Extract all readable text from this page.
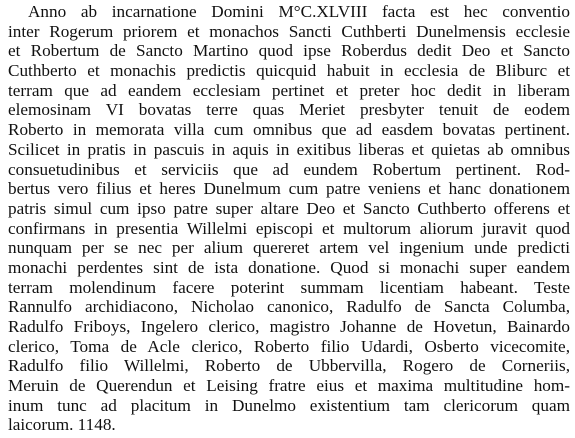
Anno ab incarnatione Domini M°C.XLVIII facta est hec conventio
inter Rogerum priorem et monachos Sancti Cuthberti Dunelmensis ecclesie
et Robertum de Sancto Martino quod ipse Roberdus dedit Deo et Sancto
Cuthberto et monachis predictis quicquid habuit in ecclesia de Bliburc et
terram que ad eandem ecclesiam pertinet et preter hoc dedit in liberam
elemosinam VI bovatas terre quas Meriet presbyter tenuit de eodem
Roberto in memorata villa cum omnibus que ad easdem bovatas pertinent.
Scilicet in pratis in pascuis in aquis in exitibus liberas et quietas ab omnibus
consuetudinibus et serviciis que ad eundem Robertum pertinent. Rod-
bertus vero filius et heres Dunelmum cum patre veniens et hanc donationem
patris simul cum ipso patre super altare Deo et Sancto Cuthberto offerens et
confirmans in presentia Willelmi episcopi et multorum aliorum juravit quod
nunquam per se nec per alium quereret artem vel ingenium unde predicti
monachi perdentes sint de ista donatione. Quod si monachi super eandem
terram molendinum facere poterint summam licentiam habeant. Teste
Rannulfo archidiacono, Nicholao canonico, Radulfo de Sancta Columba,
Radulfo Friboys, Ingelero clerico, magistro Johanne de Hovetun, Bainardo
clerico, Toma de Acle clerico, Roberto filio Udardi, Osberto vicecomite,
Radulfo filio Willelmi, Roberto de Ubbervilla, Rogero de Corneriis,
Meruin de Querendun et Leising fratre eius et maxima multitudine hom-
inum tunc ad placitum in Dunelmo existentium tam clericorum quam
laicorum. 1148.
